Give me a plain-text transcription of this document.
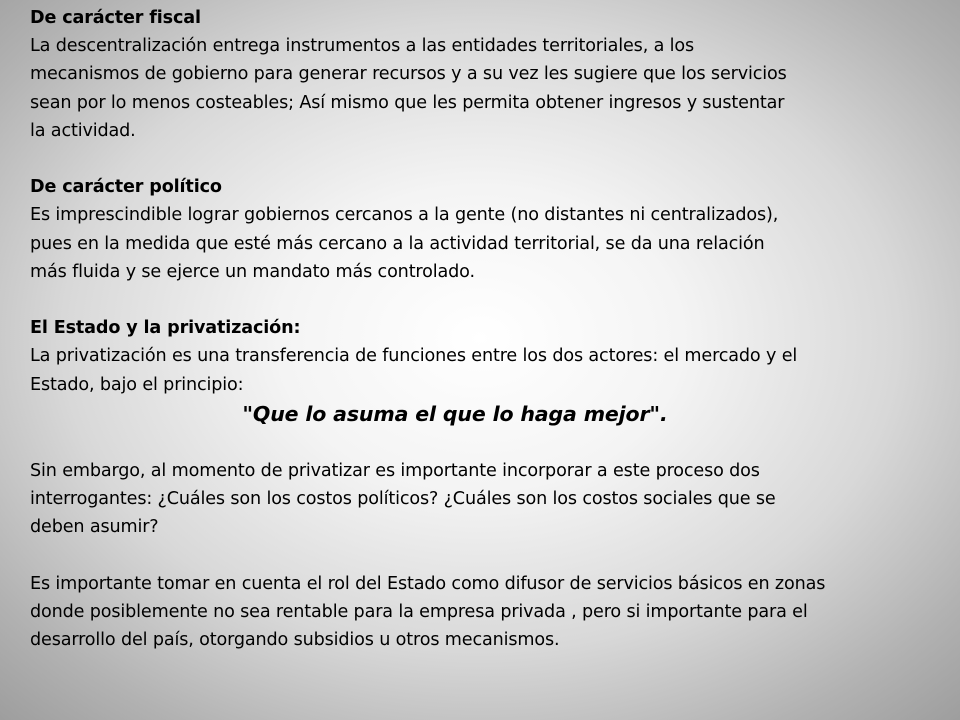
De carácter fiscal
La descentralización entrega instrumentos a las entidades territoriales, a los
mecanismos de gobierno para generar recursos y a su vez les sugiere que los servicios
sean por lo menos costeables; Así mismo que les permita obtener ingresos y sustentar
la actividad.
De carácter político
Es imprescindible lograr gobiernos cercanos a la gente (no distantes ni centralizados),
pues en la medida que esté más cercano a la actividad territorial, se da una relación
más fluida y se ejerce un mandato más controlado.
El Estado y la privatización:
La privatización es una transferencia de funciones entre los dos actores: el mercado y el
Estado, bajo el principio:
"Que lo asuma el que lo haga mejor".
Sin embargo, al momento de privatizar es importante incorporar a este proceso dos
interrogantes: ¿Cuáles son los costos políticos? ¿Cuáles son los costos sociales que se
deben asumir?
Es importante tomar en cuenta el rol del Estado como difusor de servicios básicos en zonas
donde posiblemente no sea rentable para la empresa privada , pero si importante para el
desarrollo del país, otorgando subsidios u otros mecanismos.
